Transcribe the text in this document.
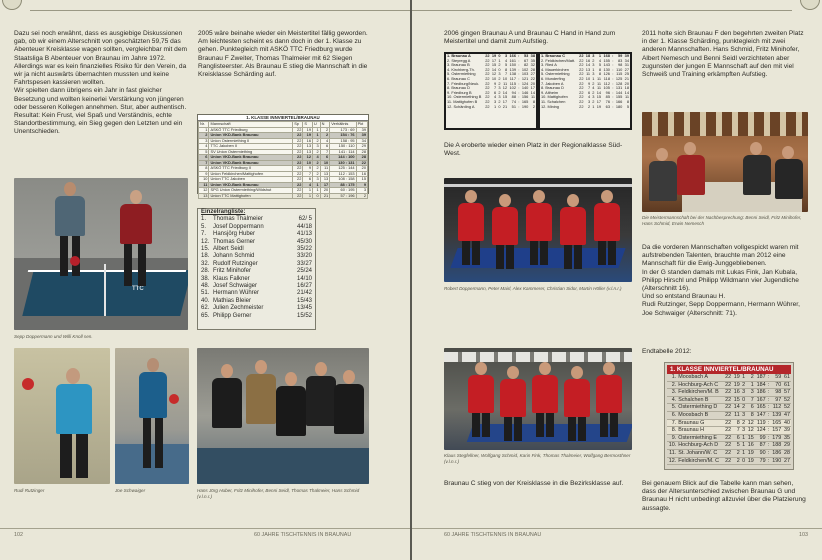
Dazu sei noch erwähnt, dass es ausgiebige Diskussionen gab, ob wir einem Alterschnitt von geschätzten 59,75 das Abenteuer Kreisklasse wagen sollten, vergleichbar mit dem Staatsliga B Abenteuer von Braunau im Jahre 1972. Allerdings war es kein finanzielles Risiko für den Verein, da wir ja nicht auswärts übernachten mussten und keine Fahrtspesen kassieren wollten.

Wir spielten dann übrigens ein Jahr in fast gleicher Besetzung und wollten keinerlei Verstärkung von jüngeren oder besseren Kollegen annehmen. Stur, aber authentisch. Resultat: Kein Frust, viel Spaß und Verständnis, echte Standortbestimmung, ein Sieg gegen den Letzten und ein Unentschieden.

2005 wäre beinahe wieder ein Meistertitel fällig geworden. Am leichtesten scheint es dann doch in der 1. Klasse zu gehen. Punktegleich mit ASKÖ TTC Friedburg wurde Braunau F Zweiter, Thomas Thalmeier mit 62 Siegen Ranglisteerster. Als Braunau E stieg die Mannschaft in die Kreisklasse Schärding auf.

TTC
Sepp Doppermann und Willi Knoll sen.
1. KLASSE INNVIERTEL/BRAUNAU
Nr.	Mannschaft	Sp	S	U	N	Verhältnis	Pkt
1	ASKÖ TTC Friedburg	22	19	1	2	173 : 69	39
2	Union VKD-Bank Braunau	22	19	1	2	154 : 76	39
3	Union Ostermiething II	22	16	2	4	158 : 95	34
4	TTC Jakoben II	22	13	3	6	150 : 110	29
5	SV Union Ostermiething	22	13	2	7	141 : 114	28
6	Union VKD-Bank Braunau	22	12	4	6	144 : 100	28
7	Union VKD-Bank Braunau	22	10	2	10	130 : 131	22
8	ASKÖ TTC Friedburg II	22	9	2	11	125 : 144	20
9	Union Feldkirchen/Mattighofen	22	7	2	13	112 : 153	16
10	Union TTC Jakoben	22	6	3	13	108 : 158	15
11	Union VKD-Bank Braunau	22	4	1	17	88 : 175	9
12	SPG Union Ostermiething/Wildshut	22	1	1	20	60 : 195	3
13	Union TTC Mattighofen	22	1	0	21	57 : 196	2
Einzelrangliste:
1.	Thomas Thalmeier	62/ 5
5.	Josef Doppermann	44/18
7.	Hansjörg Huber	41/13
12. Thomas Gerner	45/30
15. Albert Seidl	35/22
18. Johann Schmid	33/20
32. Rudolf Rutzinger	33/27
28. Fritz Minihofer	25/24
38. Klaus Falkner	14/10
48. Josef Schwaiger	16/27
51. Hermann Wührer	21/42
40. Mathias Bleier	15/43
62. Julien Zechmeister	13/45
65. Philipp Gerner	15/52
Rudi Rutzinger	Joe Schwaiger	Hans Jörg Huber, Fritz Minihofer, Benni Seidl, Thomas Thalmeier, Hans Schmid (v.l.n.r.)
102	60 JAHRE TISCHTENNIS IN BRAUNAU
2006 gingen Braunau A und Braunau C Hand in Hand zum Meistertitel und damit zum Aufstieg.
1. Braunau A	22	19	0	3	166	:	53	38
2. Steyregg A	22	17	1	4	161	:	67	35
3. Braunau B	22	15	2	5	150	:	82	32
4. Kirchberg-Th.	22	14	0	8	139	:	102	28
5. Ostermiething	22	12	3	7	138	:	103	27
6. Braunau C	22	10	2	10	117	:	121	22
7. Friedburg/Neuk.	22	9	2	11	115	:	124	20
8. Braunau D	22	7	3	12	102	:	140	17
9. Friedburg B	22	6	2	14	94	:	146	14
10. Ostermiething B	22	4	3	15	88	:	156	11
11. Mattighofen B	22	3	2	17	74	:	165	8
12. Schärding A	22	1	0	21	51	:	190	2
1. Braunau C	22	18	3	1	168	:	59	39
2. Feldkirchen/Matt.	22	16	2	4	155	:	83	34
3. Ried A	22	14	3	5	143	:	98	31
4. Mauerkirchen	22	13	1	8	130	:	110	27
5. Ostermiething	22	11	3	8	126	:	115	25
6. Munderfing	22	10	1	11	118	:	125	21
7. Jakoben A	22	9	2	11	112	:	128	20
8. Braunau D	22	7	4	11	105	:	131	18
9. Altheim	22	6	2	14	96	:	144	14
10. Mattighofen	22	4	3	15	85	:	155	11
11. Schalchen	22	3	2	17	76	:	166	8
12. Mining	22	2	1	19	63	:	180	5
Die A eroberte wieder einen Platz in der Regionalklasse Süd-West.
Robert Doppermann, Peter Mairl, Alex Kammerer, Christian Sidor, Martin Höller (v.l.n.r.)
Klaus Stegfellner, Wolfgang Schmid, Karin Fink, Thomas Thalmeier, Wolfgang Bermosthner (v.l.n.r.)
Braunau C stieg von der Kreisklasse in die Bezirksklasse auf.
2011 holte sich Braunau F den begehrten zweiten Platz in der 1. Klasse Schärding, punktegleich mit zwei anderen Mannschaften. Hans Schmid, Fritz Minihofer, Albert Nemesch und Benni Seidl verzichteten aber zugunsten der jungen E Mannschaft auf den mit viel Schweiß und Training erkämpften Aufstieg.
Die Meistermannschaft bei der Nachbesprechung: Benni Seidl, Fritz Minihofer, Hans Schmid, Erwin Nemesch

Da die vorderen Mannschaften vollgespickt waren mit aufstrebenden Talenten, brauchte man 2012 eine Mannschaft für die Ewig-Junggebliebenen.

In der G standen damals mit Lukas Fink, Jan Kubala, Philipp Hirschl und Philipp Wildmann vier Jugendliche (Alterschnitt 16).

Und so entstand Braunau H.

Rudi Rutzinger, Sepp Doppermann, Hermann Wührer, Joe Schwaiger (Alterschnitt: 71).

Endtabelle 2012:
1. KLASSE INNVIERTEL/BRAUNAU
1.	Moosbach A	22	19	1	2	187	:	59	61
2.	Hochburg-Ach C	22	19	2	1	184	:	70	61
3.	Feldkirchen/M. B	22	16	3	3	186	:	98	57
4.	Schalchen B	22	15	0	7	167	:	97	52
5.	Ostermiething D	22	14	2	6	165	:	112	52
6.	Moosbach B	22	11	3	8	147	:	139	47
7.	Braunau G	22	8	2	12	119	:	165	40
8.	Braunau H	22	7	3	12	124	:	157	39
9.	Ostermiething E	22	6	1	15	99	:	179	35
10.	Hochburg-Ach D	22	5	1	16	87	:	188	29
11.	St. Johann/W. C	22	2	1	19	90	:	186	28
12.	Feldkirchen/M. C	22	2	0	19	79	:	190	27
Bei genauem Blick auf die Tabelle kann man sehen, dass der Altersunterschied zwischen Braunau G und Braunau H nicht unbedingt allzuviel über die Platzierung aussagte.
60 JAHRE TISCHTENNIS IN BRAUNAU	103
